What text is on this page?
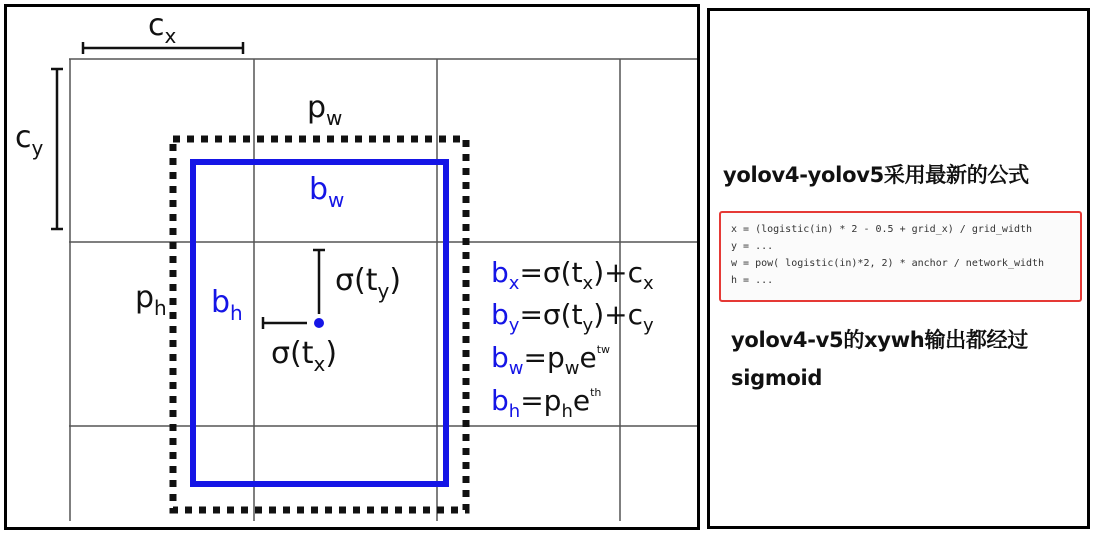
$c_x$
$c_y$
$p_w$
$p_h$
$b_w$
$b_h$
$\sigma(t_y)$
$\sigma(t_x)$
$b_x=\sigma(t_x)+c_x$
$b_y=\sigma(t_y)+c_y$
$b_w=p_we^{tw}$
$b_h=p_he^{th}$
yolov4-yolov5采用最新的公式
x = (logistic(in) * 2 - 0.5 + grid_x) / grid_width
y = ...
w = pow( logistic(in)*2, 2) * anchor / network_width
h = ...
yolov4-v5的xywh输出都经过
sigmoid
